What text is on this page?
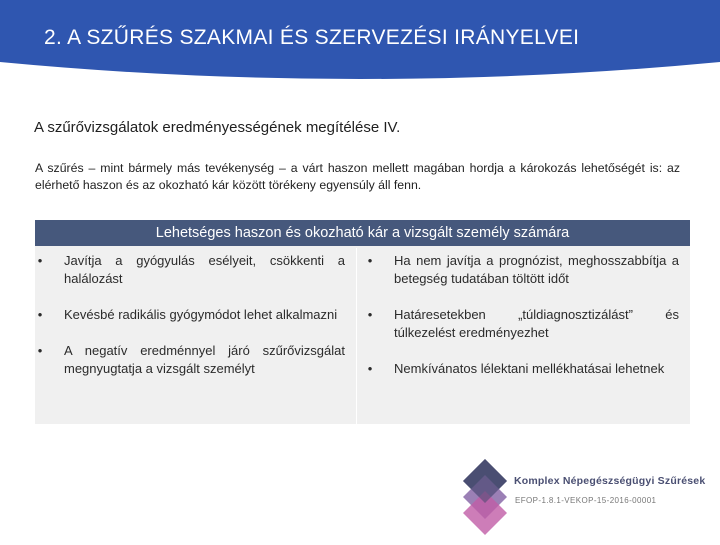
2. A SZŰRÉS SZAKMAI ÉS SZERVEZÉSI IRÁNYELVEI
A szűrővizsgálatok eredményességének megítélése IV.
A szűrés – mint bármely más tevékenység – a várt haszon mellett magában hordja a károkozás lehetőségét is: az elérhető haszon és az okozható kár között törékeny egyensúly áll fenn.
Lehetséges haszon és okozható kár a vizsgált személy számára
• Javítja a gyógyulás esélyeit, csökkenti a halálozást
• Kevésbé radikális gyógymódot lehet alkalmazni
• A negatív eredménnyel járó szűrővizsgálat megnyugtatja a vizsgált személyt
• Ha nem javítja a prognózist, meghosszabbítja a betegség tudatában töltött időt
• Határesetekben „túldiagnosztizálást” és túlkezelést eredményezhet
• Nemkívánatos lélektani mellékhatásai lehetnek
Komplex Népegészségügyi Szűrések
EFOP-1.8.1-VEKOP-15-2016-00001
